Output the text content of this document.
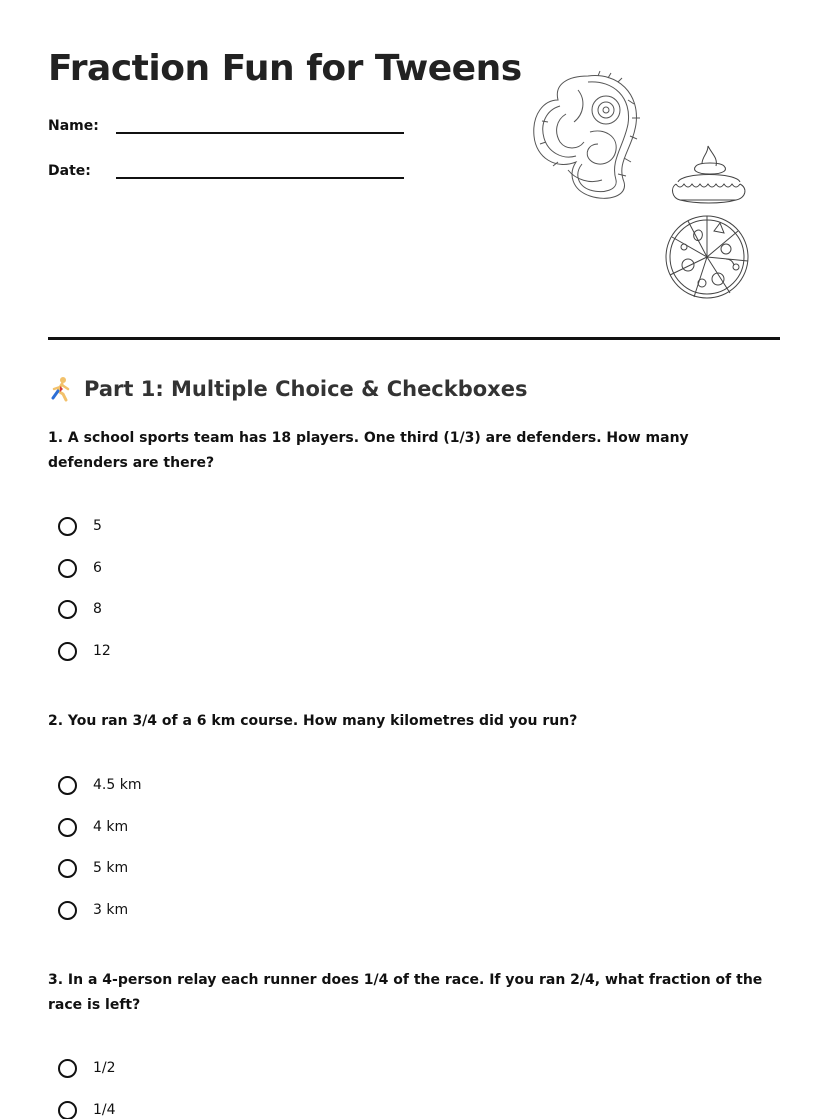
Fraction Fun for Tweens
Name:
Date:
Part 1: Multiple Choice & Checkboxes

1. A school sports team has 18 players. One third (1/3) are defenders. How many defenders are there?

5
6
8
12

2. You ran 3/4 of a 6 km course. How many kilometres did you run?

4.5 km
4 km
5 km
3 km

3. In a 4-person relay each runner does 1/4 of the race. If you ran 2/4, what fraction of the race is left?

1/2
1/4
